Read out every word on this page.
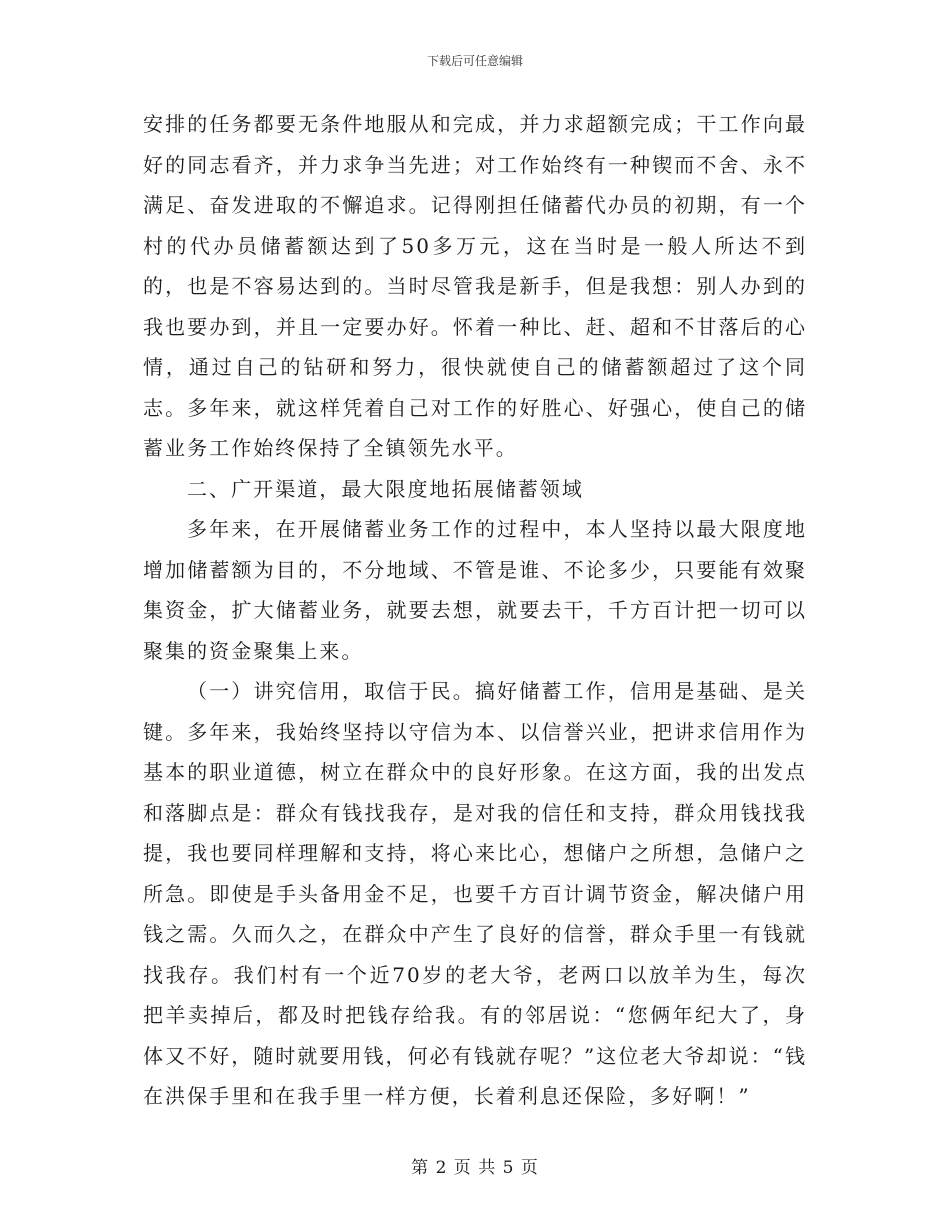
下载后可任意编辑

安排的任务都要无条件地服从和完成，并力求超额完成；干工作向最好的同志看齐，并力求争当先进；对工作始终有一种锲而不舍、永不满足、奋发进取的不懈追求。记得刚担任储蓄代办员的初期，有一个村的代办员储蓄额达到了50多万元，这在当时是一般人所达不到的，也是不容易达到的。当时尽管我是新手，但是我想：别人办到的我也要办到，并且一定要办好。怀着一种比、赶、超和不甘落后的心情，通过自己的钻研和努力，很快就使自己的储蓄额超过了这个同志。多年来，就这样凭着自己对工作的好胜心、好强心，使自己的储蓄业务工作始终保持了全镇领先水平。

二、广开渠道，最大限度地拓展储蓄领域

多年来，在开展储蓄业务工作的过程中，本人坚持以最大限度地增加储蓄额为目的，不分地域、不管是谁、不论多少，只要能有效聚集资金，扩大储蓄业务，就要去想，就要去干，千方百计把一切可以聚集的资金聚集上来。

（一）讲究信用，取信于民。搞好储蓄工作，信用是基础、是关键。多年来，我始终坚持以守信为本、以信誉兴业，把讲求信用作为基本的职业道德，树立在群众中的良好形象。在这方面，我的出发点和落脚点是：群众有钱找我存，是对我的信任和支持，群众用钱找我提，我也要同样理解和支持，将心来比心，想储户之所想，急储户之所急。即使是手头备用金不足，也要千方百计调节资金，解决储户用钱之需。久而久之，在群众中产生了良好的信誉，群众手里一有钱就找我存。我们村有一个近70岁的老大爷，老两口以放羊为生，每次把羊卖掉后，都及时把钱存给我。有的邻居说：“您俩年纪大了，身体又不好，随时就要用钱，何必有钱就存呢？”这位老大爷却说：“钱在洪保手里和在我手里一样方便，长着利息还保险，多好啊！”

第 2 页 共 5 页
